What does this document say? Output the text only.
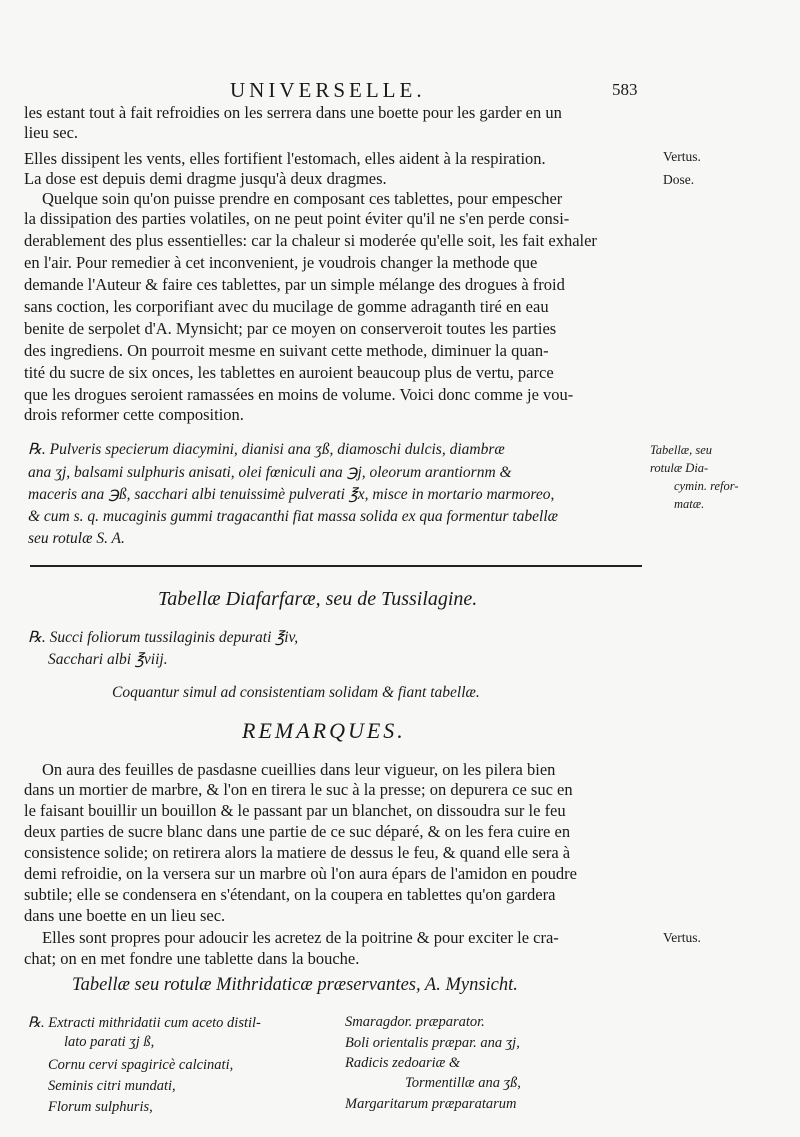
UNIVERSELLE.	583
les estant tout à fait refroidies on les serrera dans une boette pour les garder en un
lieu sec.
Elles dissipent les vents, elles fortifient l'estomach, elles aident à la respiration.
La dose est depuis demi dragme jusqu'à deux dragmes.
Quelque soin qu'on puisse prendre en composant ces tablettes, pour empescher
la dissipation des parties volatiles, on ne peut point éviter qu'il ne s'en perde consi-
derablement des plus essentielles: car la chaleur si moderée qu'elle soit, les fait exhaler
en l'air. Pour remedier à cet inconvenient, je voudrois changer la methode que
demande l'Auteur & faire ces tablettes, par un simple mélange des drogues à froid
sans coction, les corporifiant avec du mucilage de gomme adraganth tiré en eau
benite de serpolet d'A. Mynsicht; par ce moyen on conserveroit toutes les parties
des ingrediens. On pourroit mesme en suivant cette methode, diminuer la quan-
tité du sucre de six onces, les tablettes en auroient beaucoup plus de vertu, parce
que les drogues seroient ramassées en moins de volume. Voici donc comme je vou-
drois reformer cette composition.
Vertus.
Dose.
℞. Pulveris specierum diacymini, dianisi ana ʒß, diamoschi dulcis, diambræ
ana ʒj, balsami sulphuris anisati, olei fœniculi ana ℈j, oleorum arantiornm &
maceris ana ℈ß, sacchari albi tenuissimè pulverati ℥x, misce in mortario marmoreo,
& cum s. q. mucaginis gummi tragacanthi fiat massa solida ex qua formentur tabellæ
seu rotulæ S. A.
Tabellæ, seu
rotulæ Dia-
cymin. refor-
matæ.
Tabellæ Diafarfaræ, seu de Tussilagine.
℞. Succi foliorum tussilaginis depurati ℥iv,
Sacchari albi ℥viij.
Coquantur simul ad consistentiam solidam & fiant tabellæ.
REMARQUES.
On aura des feuilles de pasdasne cueillies dans leur vigueur, on les pilera bien
dans un mortier de marbre, & l'on en tirera le suc à la presse; on depurera ce suc en
le faisant bouillir un bouillon & le passant par un blanchet, on dissoudra sur le feu
deux parties de sucre blanc dans une partie de ce suc déparé, & on les fera cuire en
consistence solide; on retirera alors la matiere de dessus le feu, & quand elle sera à
demi refroidie, on la versera sur un marbre où l'on aura épars de l'amidon en poudre
subtile; elle se condensera en s'étendant, on la coupera en tablettes qu'on gardera
dans une boette en un lieu sec.
Elles sont propres pour adoucir les acretez de la poitrine & pour exciter le cra-
chat; on en met fondre une tablette dans la bouche.
Vertus.
Tabellæ seu rotulæ Mithridaticæ præservantes, A. Mynsicht.
℞. Extracti mithridatii cum aceto distil-
lato parati ʒj ß,
Cornu cervi spagiricè calcinati,
Seminis citri mundati,
Florum sulphuris,
Smaragdor. præparator.
Boli orientalis præpar. ana ʒj,
Radicis zedoariæ &
Tormentillæ ana ʒß,
Margaritarum præparatarum
